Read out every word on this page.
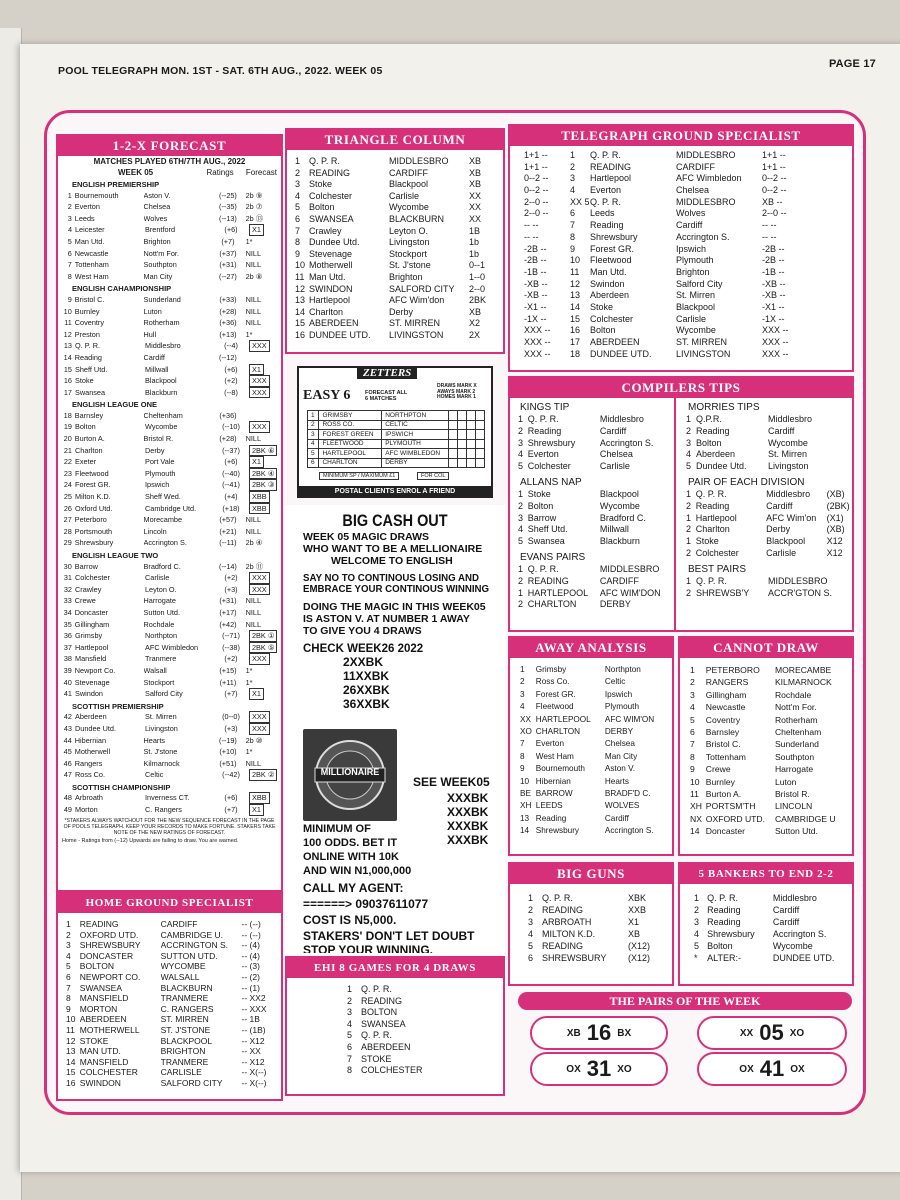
POOL TELEGRAPH MON. 1ST - SAT. 6TH AUG., 2022. WEEK 05
PAGE 17
1-2-X FORECAST
MATCHES PLAYED 6TH/7TH AUG., 2022
WEEK 05	Ratings	Forecast
ENGLISH PREMIERSHIP
1 Bournemouth	Aston V.	(--25)	2b ⑨
2 Everton	Chelsea	(--35)	2b ⑦
3 Leeds	Wolves	(--13)	2b ⑬
4 Leicester	Brentford	(+6)	X1
5 Man Utd.	Brighton	(+7)	1*
6 Newcastle	Nott'm For.	(+37)	NILL
7 Tottenham	Southpton	(+31)	NILL
8 West Ham	Man City	(--27)	2b ⑧
ENGLISH CAHAMPIONSHIP
9 Bristol C.	Sunderland	(+33)	NILL
10 Burnley	Luton	(+28)	NILL
11 Coventry	Rotherham	(+36)	NILL
12 Preston	Hull	(+13)	1*
13 Q. P. R.	Middlesbro	(--4)	XXX
14 Reading	Cardiff	(--12)
15 Sheff Utd.	Millwall	(+6)	X1
16 Stoke	Blackpool	(+2)	XXX
17 Swansea	Blackburn	(--8)	XXX
ENGLISH LEAGUE ONE
18 Barnsley	Cheltenham	(+36)
19 Bolton	Wycombe	(--10)	XXX
20 Burton A.	Bristol R.	(+28)	NILL
21 Charlton	Derby	(--37)	2BK ⑥
22 Exeter	Port Vale	(+6)	X1
23 Fleetwood	Plymouth	(--40)	2BK ④
24 Forest GR.	Ipswich	(--41)	2BK ③
25 Milton K.D.	Sheff Wed.	(+4)	XBB
26 Oxford Utd.	Cambridge Utd.	(+18)	XBB
27 Peterboro	Morecambe	(+57)	NILL
28 Portsmouth	Lincoln	(+21)	NILL
29 Shrewsbury	Accrington S.	(--11)	2b ④
ENGLISH LEAGUE TWO
30 Barrow	Bradford C.	(--14)	2b ⑪
31 Colchester	Carlisle	(+2)	XXX
32 Crawley	Leyton O.	(+3)	XXX
33 Crewe	Harrogate	(+31)	NILL
34 Doncaster	Sutton Utd.	(+17)	NILL
35 Gillingham	Rochdale	(+42)	NILL
36 Grimsby	Northpton	(--71)	2BK ①
37 Hartlepool	AFC Wimbledon	(--38)	2BK ⑤
38 Mansfield	Tranmere	(+2)	XXX
39 Newport Co.	Walsall	(+15)	1*
40 Stevenage	Stockport	(+11)	1*
41 Swindon	Salford City	(+7)	X1
SCOTTISH PREMIERSHIP
42 Aberdeen	St. Mirren	(0--0)	XXX
43 Dundee Utd.	Livingston	(+3)	XXX
44 Hibernian	Hearts	(--19)	2b ⑩
45 Motherwell	St. J'stone	(+10)	1*
46 Rangers	Kilmarnock	(+51)	NILL
47 Ross Co.	Celtic	(--42)	2BK ②
SCOTTISH CHAMPIONSHIP
48 Arbroath	Inverness CT.	(+6)	XBB
49 Morton	C. Rangers	(+7)	X1
*STAKERS ALWAYS WATCHOUT FOR THE NEW SEQUENCE FORECAST IN THE PAGE OF POOLS TELEGRAPH. KEEP YOUR RECORDS TO MAKE FORTUNE. STAKERS TAKE NOTE OF THE NEW RATINGS OF FORECAST.
Home - Ratings from (--12) Upwards are failing to draw. You are warned.
HOME GROUND SPECIALIST
1	READING	CARDIFF	-- (--)
2	OXFORD UTD.	CAMBRIDGE U.	-- (--)
3	SHREWSBURY	ACCRINGTON S.	-- (4)
4	DONCASTER	SUTTON UTD.	-- (4)
5	BOLTON	WYCOMBE	-- (3)
6	NEWPORT CO.	WALSALL	-- (2)
7	SWANSEA	BLACKBURN	-- (1)
8	MANSFIELD	TRANMERE	-- XX2
9	MORTON	C. RANGERS	-- XXX
10 ABERDEEN	ST. MIRREN	-- 1B
11 MOTHERWELL	ST. J'STONE	-- (1B)
12 STOKE	BLACKPOOL	-- X12
13 MAN UTD.	BRIGHTON	-- XX
14 MANSFIELD	TRANMERE	-- X12
15 COLCHESTER	CARLISLE	-- X(--)
16 SWINDON	SALFORD CITY	-- X(--)
TRIANGLE COLUMN
1 Q. P. R.	MIDDLESBRO	XB
2 READING	CARDIFF	XB
3 Stoke	Blackpool	XB
4 Colchester	Carlisle	XX
5 Bolton	Wycombe	XX
6 SWANSEA	BLACKBURN	XX
7 Crawley	Leyton O.	1B
8 Dundee Utd.	Livingston	1b
9 Stevenage	Stockport	1b
10 Motherwell	St. J'stone	0--1
11 Man Utd.	Brighton	1--0
12 SWINDON	SALFORD CITY	2--0
13 Hartlepool	AFC Wim'don	2BK
14 Charlton	Derby	XB
15 ABERDEEN	ST. MIRREN	X2
16 DUNDEE UTD.	LIVINGSTON	2X
ZETTERS
EASY 6	FORECAST ALL 6 MATCHES
DRAWS MARK X
AWAYS MARK 2
HOMES MARK 1
1	GRIMSBY	NORTHPTON				
2	ROSS CO.	CELTIC				
3	FOREST GREEN	IPSWICH				
4	FLEETWOOD	PLYMOUTH				
5	HARTLEPOOL	AFC WIMBLEDON				
6	CHARLTON	DERBY				
MINIMUM SP / MAXIMUM £1	FOR COL
POSTAL CLIENTS ENROL A FRIEND
BIG CASH OUT
WEEK 05 MAGIC DRAWS
WHO WANT TO BE A MELLIONAIRE
WELCOME TO ENGLISH
SAY NO TO CONTINOUS LOSING AND
EMBRACE YOUR CONTINOUS WINNING
DOING THE MAGIC IN THIS WEEK05
IS ASTON V. AT NUMBER 1 AWAY
TO GIVE YOU 4 DRAWS
CHECK WEEK26 2022
2XXBK
11XXBK
26XXBK
36XXBK
MILLIONAIRE
SEE WEEK05
XXXBK
XXXBK
XXXBK
XXXBK
MINIMUM OF
100 ODDS. BET IT
ONLINE WITH 10K
AND WIN N1,000,000
CALL MY AGENT:
======> 09037611077
COST IS N5,000.
STAKERS' DON'T LET DOUBT
STOP YOUR WINNING.
EHI 8 GAMES FOR 4 DRAWS
1 Q. P. R.
2 READING
3 BOLTON
4 SWANSEA
5 Q. P. R.
6 ABERDEEN
7 STOKE
8 COLCHESTER
TELEGRAPH GROUND SPECIALIST
1+1 --	1	Q. P. R.	MIDDLESBRO	1+1 --
1+1 --	2	READING	CARDIFF	1+1 --
0--2 --	3	Hartlepool	AFC Wimbledon	0--2 --
0--2 --	4	Everton	Chelsea	0--2 --
2--0 --	XX 5 Q. P. R.	MIDDLESBRO	XB --
2--0 --	6	Leeds	Wolves	2--0 --
-- --	7	Reading	Cardiff	-- --
-- --	8	Shrewsbury	Accrington S.	-- --
-2B --	9	Forest GR.	Ipswich	-2B --
-2B --	10	Fleetwood	Plymouth	-2B --
-1B --	11	Man Utd.	Brighton	-1B --
-XB --	12	Swindon	Salford City	-XB --
-XB --	13	Aberdeen	St. Mirren	-XB --
-X1 --	14	Stoke	Blackpool	-X1 --
-1X --	15	Colchester	Carlisle	-1X --
XXX --	16	Bolton	Wycombe	XXX --
XXX --	17	ABERDEEN	ST. MIRREN	XXX --
XXX --	18	DUNDEE UTD.	LIVINGSTON	XXX --
COMPILERS TIPS
KINGS TIP
1 Q. P. R.	Middlesbro
2 Reading	Cardiff
3 Shrewsbury	Accrington S.
4 Everton	Chelsea
5 Colchester	Carlisle
ALLANS NAP
1 Stoke	Blackpool
2 Bolton	Wycombe
3 Barrow	Bradford C.
4 Sheff Utd.	Millwall
5 Swansea	Blackburn
EVANS PAIRS
1 Q. P. R.	MIDDLESBRO
2 READING	CARDIFF
1 HARTLEPOOL	AFC WIM'DON
2 CHARLTON	DERBY
MORRIES TIPS
1 Q.P.R.	Middlesbro
2 Reading	Cardiff
3 Bolton	Wycombe
4 Aberdeen	St. Mirren
5 Dundee Utd.	Livingston
PAIR OF EACH DIVISION
1 Q. P. R.	Middlesbro	(XB)
2 Reading	Cardiff	(2BK)
1 Hartlepool	AFC Wim'on	(X1)
2 Charlton	Derby	(XB)
1 Stoke	Blackpool	X12
2 Colchester	Carlisle	X12
BEST PAIRS
1 Q. P. R.	MIDDLESBRO
2 SHREWSB'Y	ACCR'GTON S.
AWAY ANALYSIS
1	Grimsby	Northpton
2	Ross Co.	Celtic
3	Forest GR.	Ipswich
4	Fleetwood	Plymouth
XX HARTLEPOOL	AFC WIM'ON
XO CHARLTON	DERBY
7	Everton	Chelsea
8	West Ham	Man City
9	Bournemouth	Aston V.
10 Hibernian	Hearts
BE BARROW	BRADF'D C.
XH LEEDS	WOLVES
13 Reading	Cardiff
14 Shrewsbury	Accrington S.
CANNOT DRAW
1	PETERBORO	MORECAMBE
2	RANGERS	KILMARNOCK
3	Gillingham	Rochdale
4	Newcastle	Nott'm For.
5	Coventry	Rotherham
6	Barnsley	Cheltenham
7	Bristol C.	Sunderland
8	Tottenham	Southpton
9	Crewe	Harrogate
10 Burnley	Luton
11 Burton A.	Bristol R.
XH PORTSM'TH	LINCOLN
NX OXFORD UTD.	CAMBRIDGE U
14 Doncaster	Sutton Utd.
BIG GUNS
1 Q. P. R.	XBK
2 READING	XXB
3 ARBROATH	X1
4 MILTON K.D.	XB
5 READING	(X12)
6 SHREWSBURY	(X12)
5 BANKERS TO END 2-2
1 Q. P. R.	Middlesbro
2 Reading	Cardiff
3 Reading	Cardiff
4 Shrewsbury	Accrington S.
5 Bolton	Wycombe
*	ALTER:-	DUNDEE UTD.
THE PAIRS OF THE WEEK
XB 16 BX	XX 05 XO
OX 31 XO	OX 41 OX
